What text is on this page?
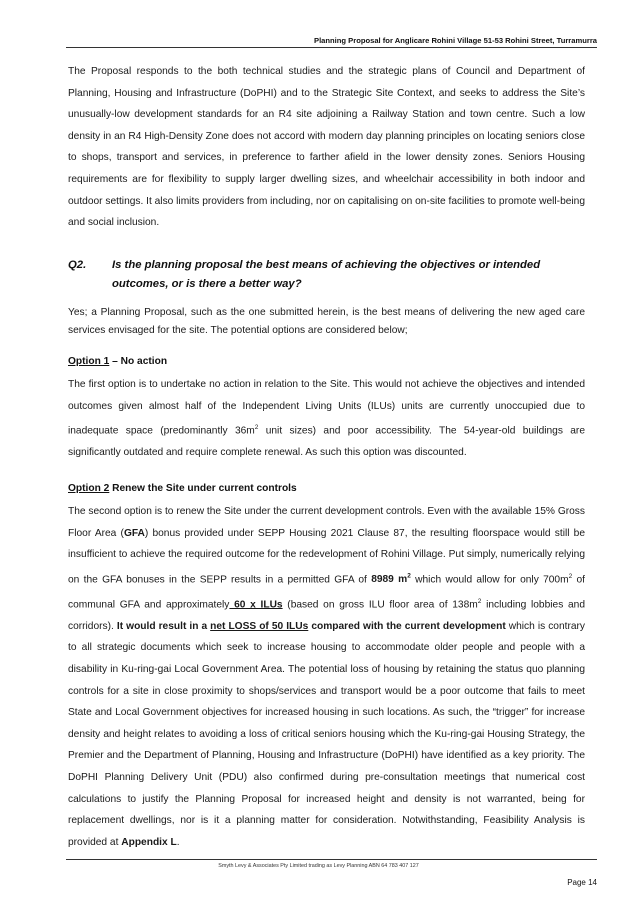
Planning Proposal for Anglicare Rohini Village 51-53 Rohini Street, Turramurra
The Proposal responds to the both technical studies and the strategic plans of Council and Department of Planning, Housing and Infrastructure (DoPHI) and to the Strategic Site Context, and seeks to address the Site’s unusually-low development standards for an R4 site adjoining a Railway Station and town centre. Such a low density in an R4 High-Density Zone does not accord with modern day planning principles on locating seniors close to shops, transport and services, in preference to farther afield in the lower density zones. Seniors Housing requirements are for flexibility to supply larger dwelling sizes, and wheelchair accessibility in both indoor and outdoor settings. It also limits providers from including, nor on capitalising on on-site facilities to promote well-being and social inclusion.
Q2. Is the planning proposal the best means of achieving the objectives or intended outcomes, or is there a better way?
Yes; a Planning Proposal, such as the one submitted herein, is the best means of delivering the new aged care services envisaged for the site. The potential options are considered below;
Option 1 – No action
The first option is to undertake no action in relation to the Site. This would not achieve the objectives and intended outcomes given almost half of the Independent Living Units (ILUs) units are currently unoccupied due to inadequate space (predominantly $36m^2$ unit sizes) and poor accessibility. The 54-year-old buildings are significantly outdated and require complete renewal. As such this option was discounted.
Option 2 Renew the Site under current controls
The second option is to renew the Site under the current development controls. Even with the available 15% Gross Floor Area (GFA) bonus provided under SEPP Housing 2021 Clause 87, the resulting floorspace would still be insufficient to achieve the required outcome for the redevelopment of Rohini Village. Put simply, numerically relying on the GFA bonuses in the SEPP results in a permitted GFA of 8989 $m^2$ which would allow for only $700m^2$ of communal GFA and approximately 60 x ILUs (based on gross ILU floor area of $138m^2$ including lobbies and corridors). It would result in a net LOSS of 50 ILUs compared with the current development which is contrary to all strategic documents which seek to increase housing to accommodate older people and people with a disability in Ku-ring-gai Local Government Area. The potential loss of housing by retaining the status quo planning controls for a site in close proximity to shops/services and transport would be a poor outcome that fails to meet State and Local Government objectives for increased housing in such locations. As such, the “trigger” for increase density and height relates to avoiding a loss of critical seniors housing which the Ku-ring-gai Housing Strategy, the Premier and the Department of Planning, Housing and Infrastructure (DoPHI) have identified as a key priority. The DoPHI Planning Delivery Unit (PDU) also confirmed during pre-consultation meetings that numerical cost calculations to justify the Planning Proposal for increased height and density is not warranted, being for replacement dwellings, nor is it a planning matter for consideration. Notwithstanding, Feasibility Analysis is provided at Appendix L.
Smyth Levy & Associates Pty Limited trading as Levy Planning ABN 64 783 407 127
Page 14
